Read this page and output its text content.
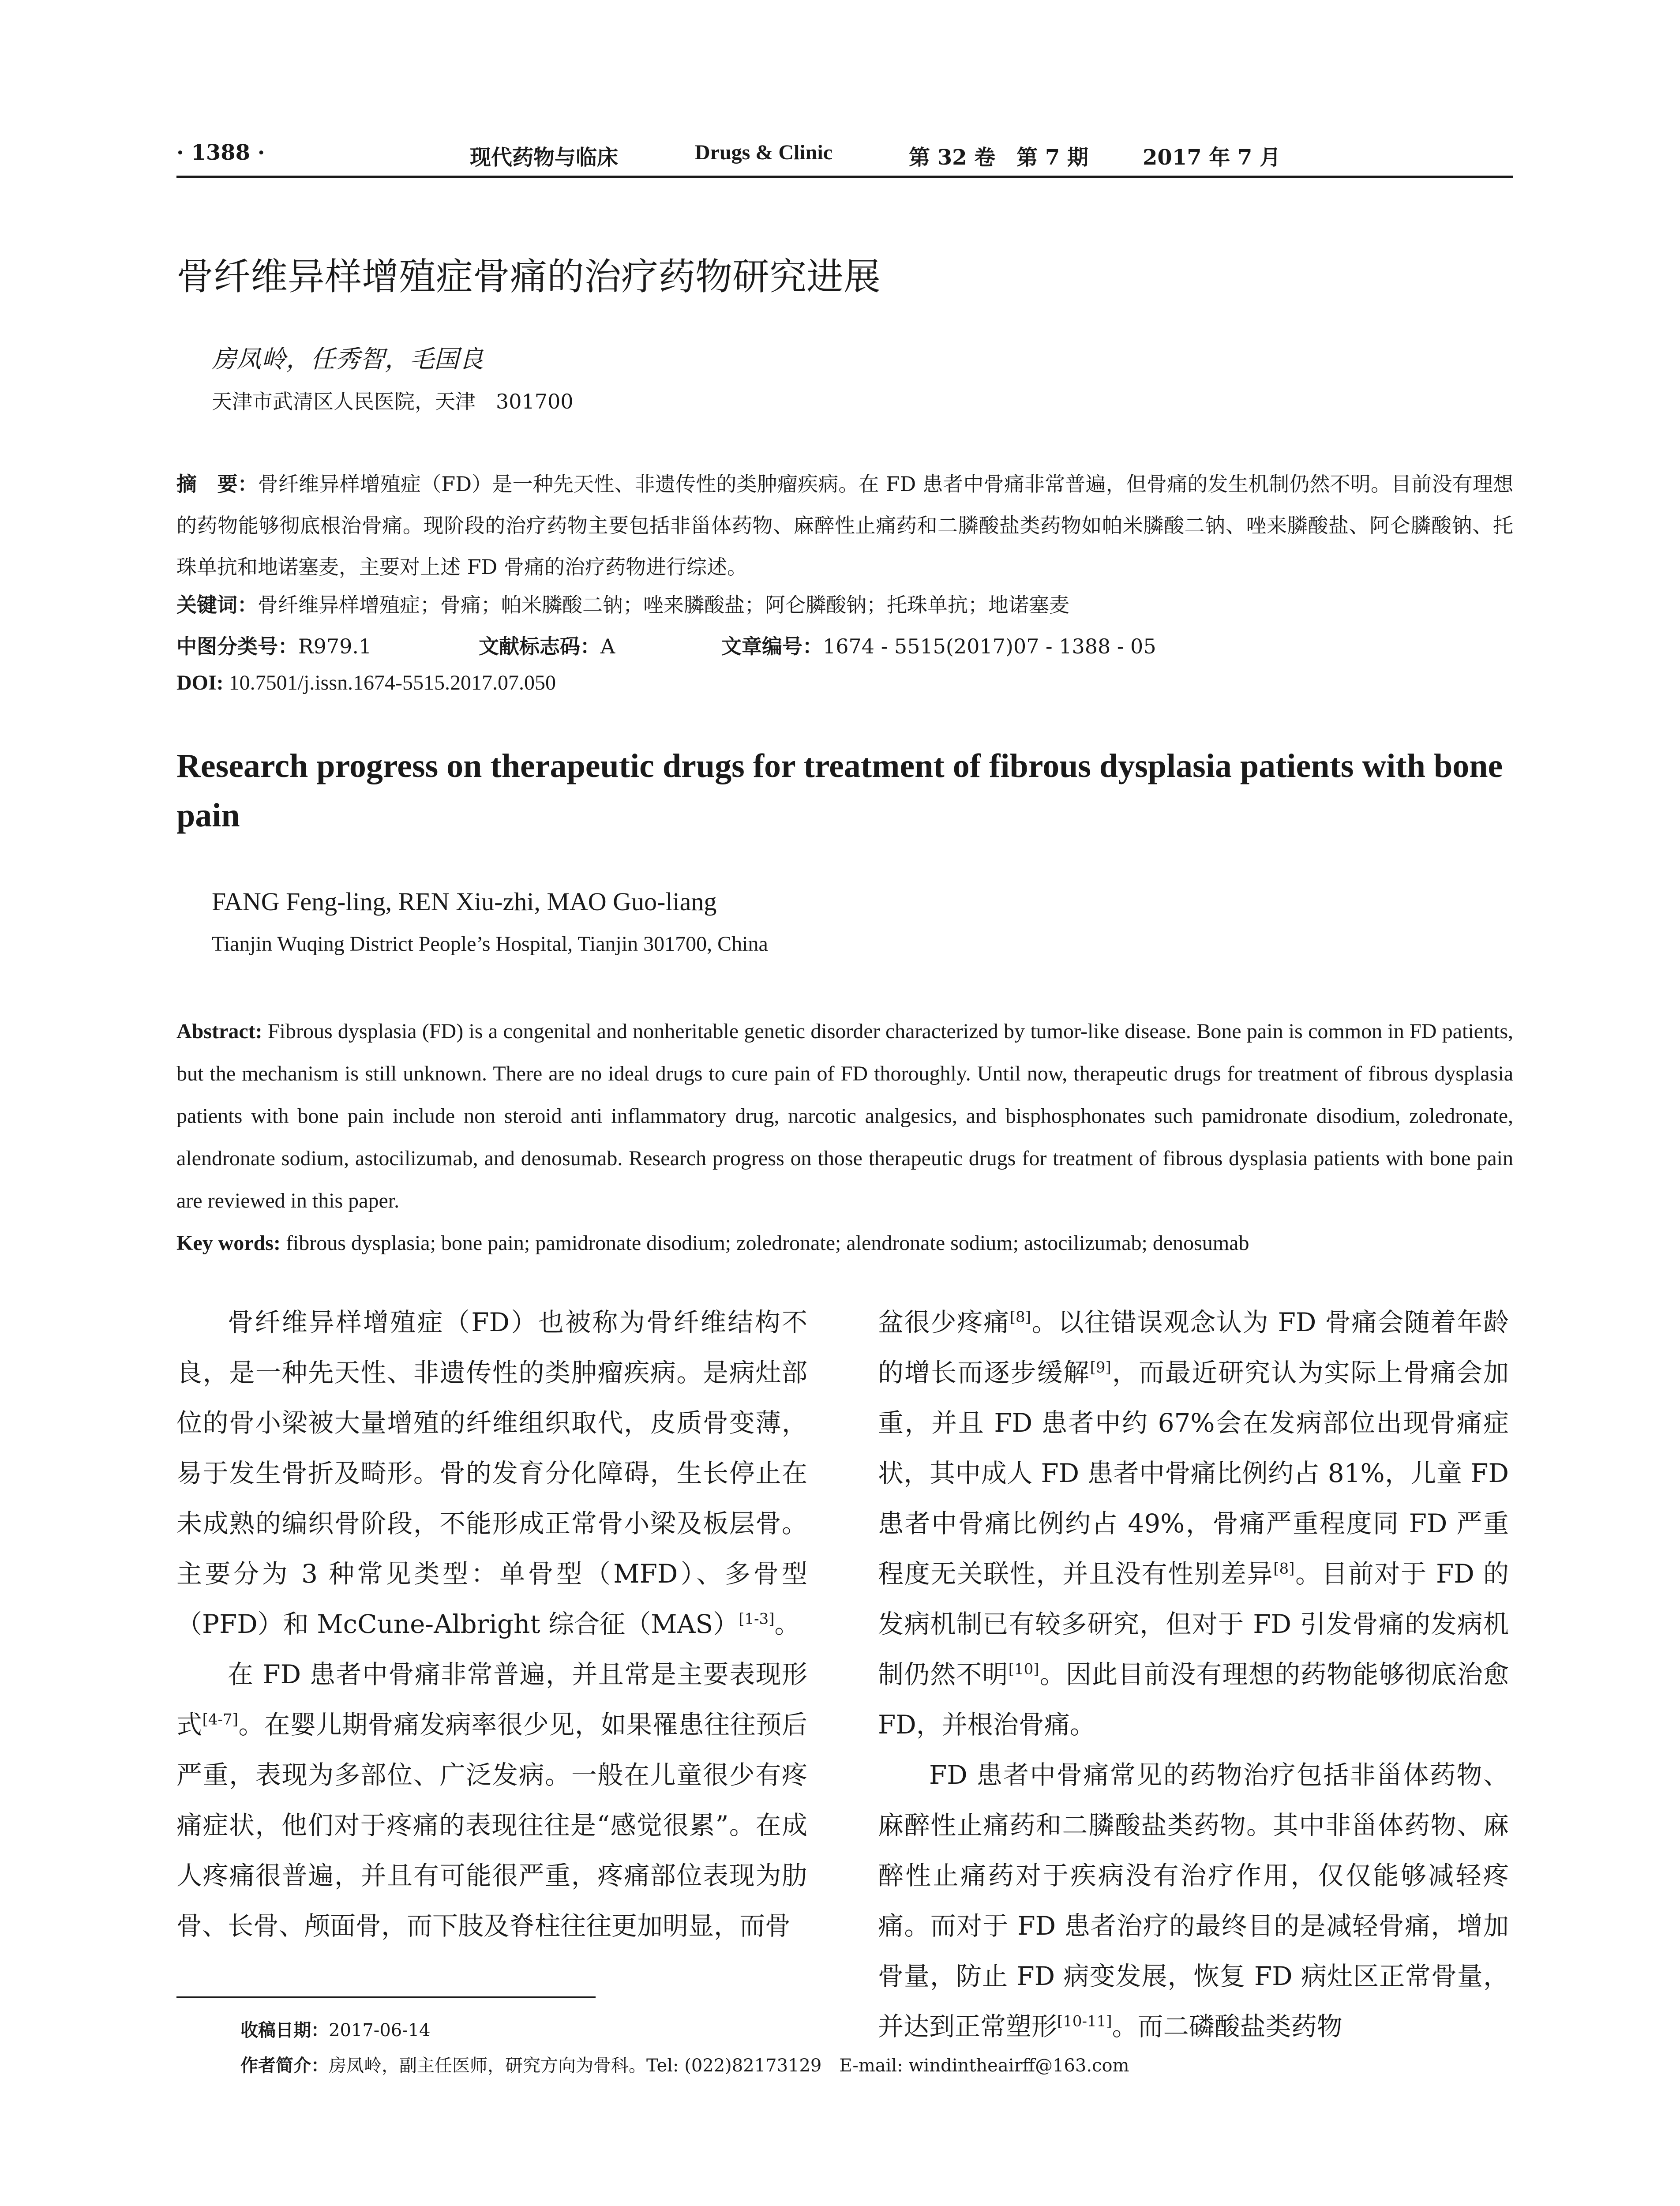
· 1388 ·	现代药物与临床	Drugs & Clinic	第 32 卷　第 7 期	2017 年 7 月
骨纤维异样增殖症骨痛的治疗药物研究进展
房凤岭，任秀智，毛国良
天津市武清区人民医院，天津　301700
摘　要：骨纤维异样增殖症（FD）是一种先天性、非遗传性的类肿瘤疾病。在 FD 患者中骨痛非常普遍，但骨痛的发生机制仍然不明。目前没有理想的药物能够彻底根治骨痛。现阶段的治疗药物主要包括非甾体药物、麻醉性止痛药和二膦酸盐类药物如帕米膦酸二钠、唑来膦酸盐、阿仑膦酸钠、托珠单抗和地诺塞麦，主要对上述 FD 骨痛的治疗药物进行综述。
关键词：骨纤维异样增殖症；骨痛；帕米膦酸二钠；唑来膦酸盐；阿仑膦酸钠；托珠单抗；地诺塞麦
中图分类号：R979.1	文献标志码：A	文章编号：1674 - 5515(2017)07 - 1388 - 05
DOI: 10.7501/j.issn.1674-5515.2017.07.050
Research progress on therapeutic drugs for treatment of fibrous dysplasia patients with bone pain
FANG Feng-ling, REN Xiu-zhi, MAO Guo-liang
Tianjin Wuqing District People’s Hospital, Tianjin 301700, China
Abstract: Fibrous dysplasia (FD) is a congenital and nonheritable genetic disorder characterized by tumor-like disease. Bone pain is common in FD patients, but the mechanism is still unknown. There are no ideal drugs to cure pain of FD thoroughly. Until now, therapeutic drugs for treatment of fibrous dysplasia patients with bone pain include non steroid anti inflammatory drug, narcotic analgesics, and bisphosphonates such pamidronate disodium, zoledronate, alendronate sodium, astocilizumab, and denosumab. Research progress on those therapeutic drugs for treatment of fibrous dysplasia patients with bone pain are reviewed in this paper.
Key words: fibrous dysplasia; bone pain; pamidronate disodium; zoledronate; alendronate sodium; astocilizumab; denosumab

骨纤维异样增殖症（FD）也被称为骨纤维结构不良，是一种先天性、非遗传性的类肿瘤疾病。是病灶部位的骨小梁被大量增殖的纤维组织取代，皮质骨变薄，易于发生骨折及畸形。骨的发育分化障碍，生长停止在未成熟的编织骨阶段，不能形成正常骨小梁及板层骨。主要分为 3 种常见类型：单骨型（MFD）、多骨型（PFD）和 McCune-Albright 综合征（MAS）[1-3]。

在 FD 患者中骨痛非常普遍，并且常是主要表现形式[4-7]。在婴儿期骨痛发病率很少见，如果罹患往往预后严重，表现为多部位、广泛发病。一般在儿童很少有疼痛症状，他们对于疼痛的表现往往是“感觉很累”。在成人疼痛很普遍，并且有可能很严重，疼痛部位表现为肋骨、长骨、颅面骨，而下肢及脊柱往往更加明显，而骨

盆很少疼痛[8]。以往错误观念认为 FD 骨痛会随着年龄的增长而逐步缓解[9]，而最近研究认为实际上骨痛会加重，并且 FD 患者中约 67%会在发病部位出现骨痛症状，其中成人 FD 患者中骨痛比例约占 81%，儿童 FD 患者中骨痛比例约占 49%，骨痛严重程度同 FD 严重程度无关联性，并且没有性别差异[8]。目前对于 FD 的发病机制已有较多研究，但对于 FD 引发骨痛的发病机制仍然不明[10]。因此目前没有理想的药物能够彻底治愈 FD，并根治骨痛。

FD 患者中骨痛常见的药物治疗包括非甾体药物、麻醉性止痛药和二膦酸盐类药物。其中非甾体药物、麻醉性止痛药对于疾病没有治疗作用，仅仅能够减轻疼痛。而对于 FD 患者治疗的最终目的是减轻骨痛，增加骨量，防止 FD 病变发展，恢复 FD 病灶区正常骨量，并达到正常塑形[10-11]。而二磷酸盐类药物

收稿日期：2017-06-14
作者简介：房凤岭，副主任医师，研究方向为骨科。Tel: (022)82173129　E-mail: windintheairff@163.com
